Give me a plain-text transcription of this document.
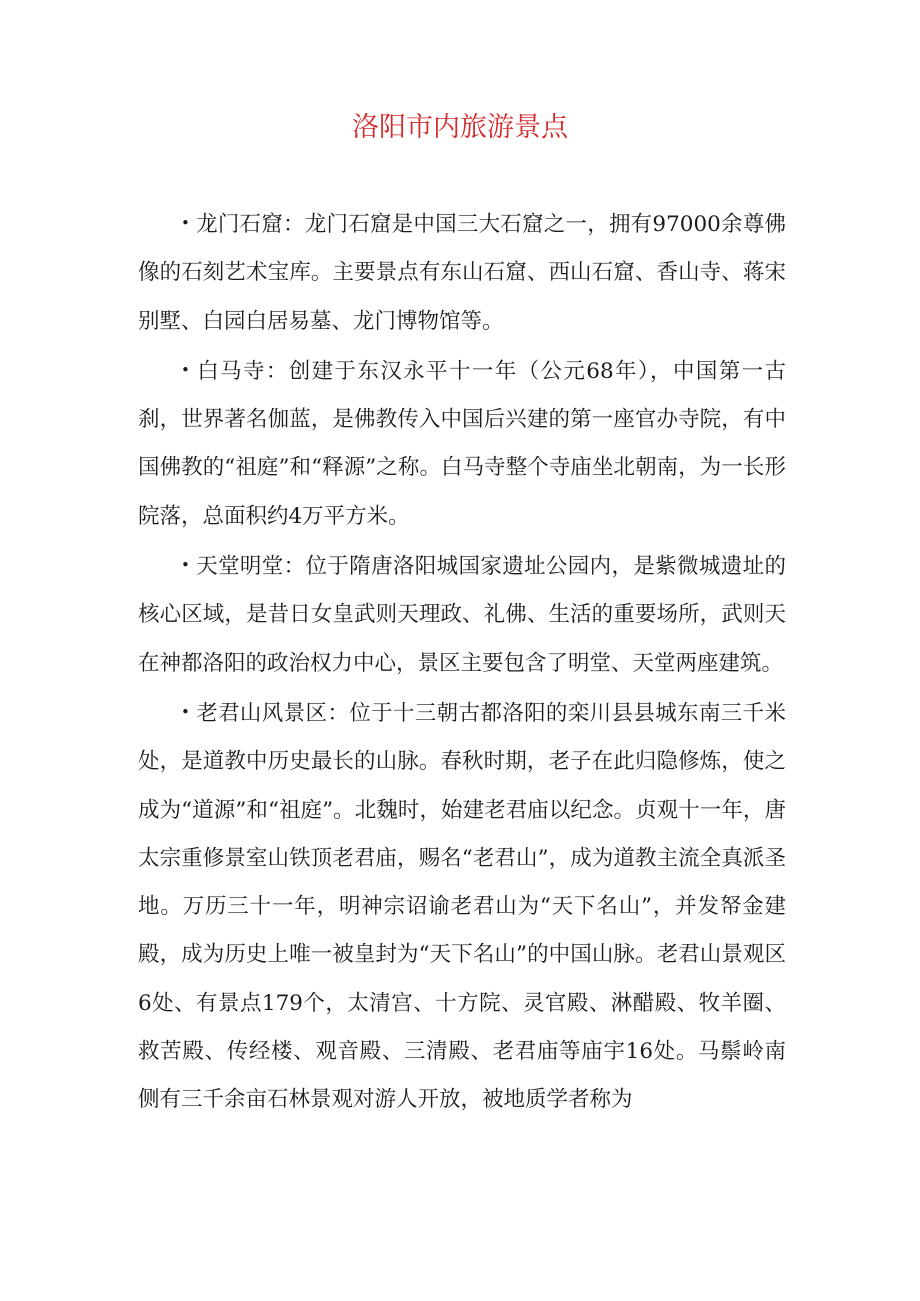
洛阳市内旅游景点

• 龙门石窟：龙门石窟是中国三大石窟之一，拥有97000余尊佛像的石刻艺术宝库。主要景点有东山石窟、西山石窟、香山寺、蒋宋别墅、白园白居易墓、龙门博物馆等。

• 白马寺：创建于东汉永平十一年（公元68年），中国第一古刹，世界著名伽蓝，是佛教传入中国后兴建的第一座官办寺院，有中国佛教的“祖庭”和“释源”之称。白马寺整个寺庙坐北朝南，为一长形院落，总面积约4万平方米。

• 天堂明堂：位于隋唐洛阳城国家遗址公园内，是紫微城遗址的核心区域，是昔日女皇武则天理政、礼佛、生活的重要场所，武则天在神都洛阳的政治权力中心，景区主要包含了明堂、天堂两座建筑。

• 老君山风景区：位于十三朝古都洛阳的栾川县县城东南三千米处，是道教中历史最长的山脉。春秋时期，老子在此归隐修炼，使之成为“道源”和“祖庭”。北魏时，始建老君庙以纪念。贞观十一年，唐太宗重修景室山铁顶老君庙，赐名“老君山”，成为道教主流全真派圣地。万历三十一年，明神宗诏谕老君山为“天下名山”，并发帑金建殿，成为历史上唯一被皇封为“天下名山”的中国山脉。老君山景观区6处、有景点179个，太清宫、十方院、灵官殿、淋醋殿、牧羊圈、救苦殿、传经楼、观音殿、三清殿、老君庙等庙宇16处。马鬃岭南侧有三千余亩石林景观对游人开放，被地质学者称为
